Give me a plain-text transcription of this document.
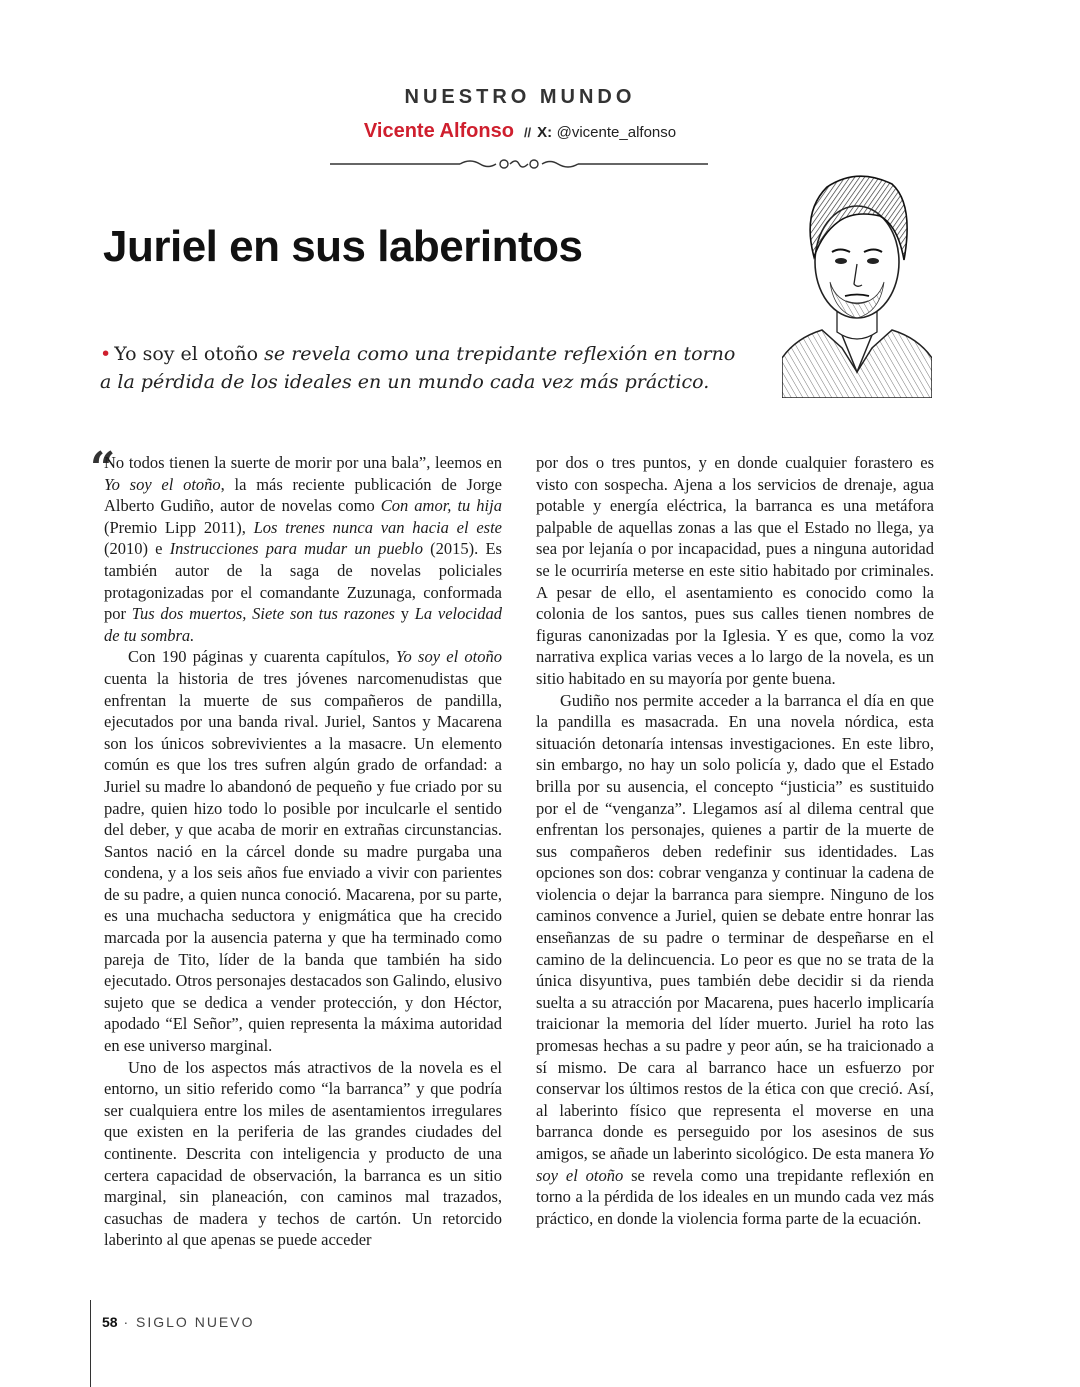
NUESTRO MUNDO
Vicente Alfonso // X: @vicente_alfonso
Juriel en sus laberintos
• Yo soy el otoño se revela como una trepidante reflexión en torno a la pérdida de los ideales en un mundo cada vez más práctico.
“

No todos tienen la suerte de morir por una bala”, leemos en Yo soy el otoño, la más reciente publicación de Jorge Alberto Gudiño, autor de novelas como Con amor, tu hija (Premio Lipp 2011), Los trenes nunca van hacia el este (2010) e Instrucciones para mudar un pueblo (2015). Es también autor de la saga de novelas policiales protagonizadas por el comandante Zuzunaga, conformada por Tus dos muertos, Siete son tus razones y La velocidad de tu sombra.

Con 190 páginas y cuarenta capítulos, Yo soy el otoño cuenta la historia de tres jóvenes narcomenudistas que enfrentan la muerte de sus compañeros de pandilla, ejecutados por una banda rival. Juriel, Santos y Macarena son los únicos sobrevivientes a la masacre. Un elemento común es que los tres sufren algún grado de orfandad: a Juriel su madre lo abandonó de pequeño y fue criado por su padre, quien hizo todo lo posible por inculcarle el sentido del deber, y que acaba de morir en extrañas circunstancias. Santos nació en la cárcel donde su madre purgaba una condena, y a los seis años fue enviado a vivir con parientes de su padre, a quien nunca conoció. Macarena, por su parte, es una muchacha seductora y enigmática que ha crecido marcada por la ausencia paterna y que ha terminado como pareja de Tito, líder de la banda que también ha sido ejecutado. Otros personajes destacados son Galindo, elusivo sujeto que se dedica a vender protección, y don Héctor, apodado “El Señor”, quien representa la máxima autoridad en ese universo marginal.

Uno de los aspectos más atractivos de la novela es el entorno, un sitio referido como “la barranca” y que podría ser cualquiera entre los miles de asentamientos irregulares que existen en la periferia de las grandes ciudades del continente. Descrita con inteligencia y producto de una certera capacidad de observación, la barranca es un sitio marginal, sin planeación, con caminos mal trazados, casuchas de madera y techos de cartón. Un retorcido laberinto al que apenas se puede acceder

por dos o tres puntos, y en donde cualquier forastero es visto con sospecha. Ajena a los servicios de drenaje, agua potable y energía eléctrica, la barranca es una metáfora palpable de aquellas zonas a las que el Estado no llega, ya sea por lejanía o por incapacidad, pues a ninguna autoridad se le ocurriría meterse en este sitio habitado por criminales. A pesar de ello, el asentamiento es conocido como la colonia de los santos, pues sus calles tienen nombres de figuras canonizadas por la Iglesia. Y es que, como la voz narrativa explica varias veces a lo largo de la novela, es un sitio habitado en su mayoría por gente buena.

Gudiño nos permite acceder a la barranca el día en que la pandilla es masacrada. En una novela nórdica, esta situación detonaría intensas investigaciones. En este libro, sin embargo, no hay un solo policía y, dado que el Estado brilla por su ausencia, el concepto “justicia” es sustituido por el de “venganza”. Llegamos así al dilema central que enfrentan los personajes, quienes a partir de la muerte de sus compañeros deben redefinir sus identidades. Las opciones son dos: cobrar venganza y continuar la cadena de violencia o dejar la barranca para siempre. Ninguno de los caminos convence a Juriel, quien se debate entre honrar las enseñanzas de su padre o terminar de despeñarse en el camino de la delincuencia. Lo peor es que no se trata de la única disyuntiva, pues también debe decidir si da rienda suelta a su atracción por Macarena, pues hacerlo implicaría traicionar la memoria del líder muerto. Juriel ha roto las promesas hechas a su padre y peor aún, se ha traicionado a sí mismo. De cara al barranco hace un esfuerzo por conservar los últimos restos de la ética con que creció. Así, al laberinto físico que representa el moverse en una barranca donde es perseguido por los asesinos de sus amigos, se añade un laberinto sicológico. De esta manera Yo soy el otoño se revela como una trepidante reflexión en torno a la pérdida de los ideales en un mundo cada vez más práctico, en donde la violencia forma parte de la ecuación.

58 · SIGLO NUEVO
